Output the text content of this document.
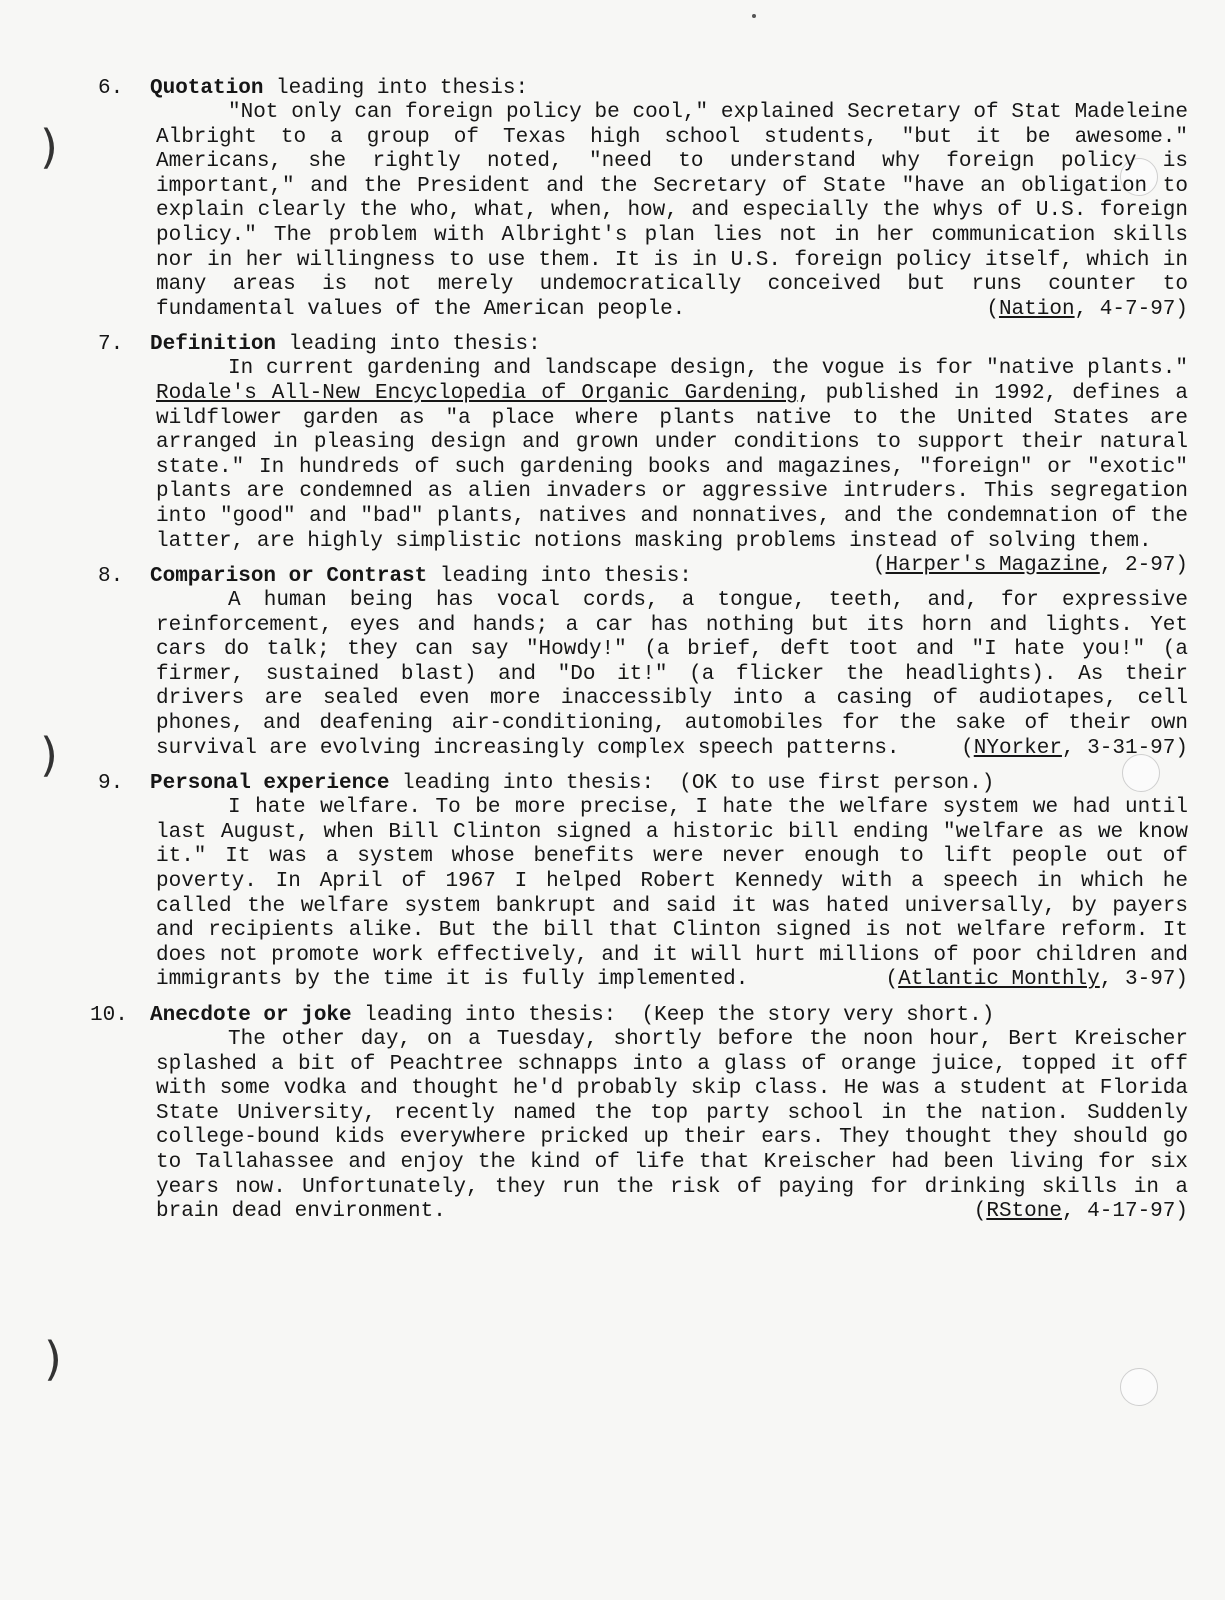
)
)
)
6. Quotation leading into thesis:
"Not only can foreign policy be cool," explained Secretary of Stat Madeleine Albright to a group of Texas high school students, "but it be awesome." Americans, she rightly noted, "need to understand why foreign policy is important," and the President and the Secretary of State "have an obligation to explain clearly the who, what, when, how, and especially the whys of U.S. foreign policy." The problem with Albright's plan lies not in her communication skills nor in her willingness to use them. It is in U.S. foreign policy itself, which in many areas is not merely undemocratically conceived but runs counter to fundamental values of the American people.	(Nation, 4-7-97)
7. Definition leading into thesis:
In current gardening and landscape design, the vogue is for "native plants." Rodale's All-New Encyclopedia of Organic Gardening, published in 1992, defines a wildflower garden as "a place where plants native to the United States are arranged in pleasing design and grown under conditions to support their natural state." In hundreds of such gardening books and magazines, "foreign" or "exotic" plants are condemned as alien invaders or aggressive intruders. This segregation into "good" and "bad" plants, natives and nonnatives, and the condemnation of the latter, are highly simplistic notions masking problems instead of solving them.
(Harper's Magazine, 2-97)
8. Comparison or Contrast leading into thesis:
A human being has vocal cords, a tongue, teeth, and, for expressive reinforcement, eyes and hands; a car has nothing but its horn and lights. Yet cars do talk; they can say "Howdy!" (a brief, deft toot and "I hate you!" (a firmer, sustained blast) and "Do it!" (a flicker the headlights). As their drivers are sealed even more inaccessibly into a casing of audiotapes, cell phones, and deafening air-conditioning, automobiles for the sake of their own survival are evolving increasingly complex speech patterns.	(NYorker, 3-31-97)
9. Personal experience leading into thesis:  (OK to use first person.)
I hate welfare. To be more precise, I hate the welfare system we had until last August, when Bill Clinton signed a historic bill ending "welfare as we know it." It was a system whose benefits were never enough to lift people out of poverty. In April of 1967 I helped Robert Kennedy with a speech in which he called the welfare system bankrupt and said it was hated universally, by payers and recipients alike. But the bill that Clinton signed is not welfare reform. It does not promote work effectively, and it will hurt millions of poor children and immigrants by the time it is fully implemented.	(Atlantic Monthly, 3-97)
10. Anecdote or joke leading into thesis:  (Keep the story very short.)
The other day, on a Tuesday, shortly before the noon hour, Bert Kreischer splashed a bit of Peachtree schnapps into a glass of orange juice, topped it off with some vodka and thought he'd probably skip class. He was a student at Florida State University, recently named the top party school in the nation. Suddenly college-bound kids everywhere pricked up their ears. They thought they should go to Tallahassee and enjoy the kind of life that Kreischer had been living for six years now. Unfortunately, they run the risk of paying for drinking skills in a brain dead environment.	(RStone, 4-17-97)
